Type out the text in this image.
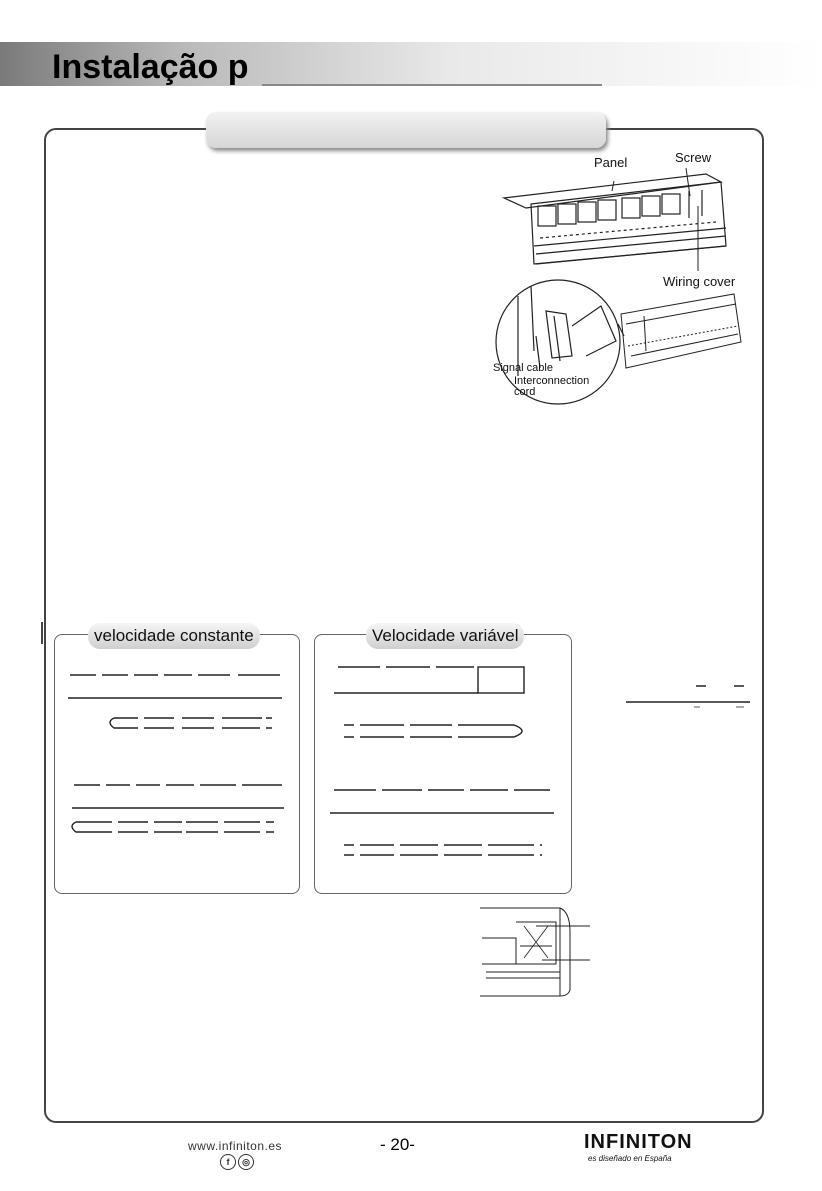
Instalação p
Panel	Screw
Wiring cover
Signal cable
Interconnection
cord
velocidade constante	Velocidade variável
www.infiniton.es
f	◎
- 20-	INFINITON
es diseñado en España
